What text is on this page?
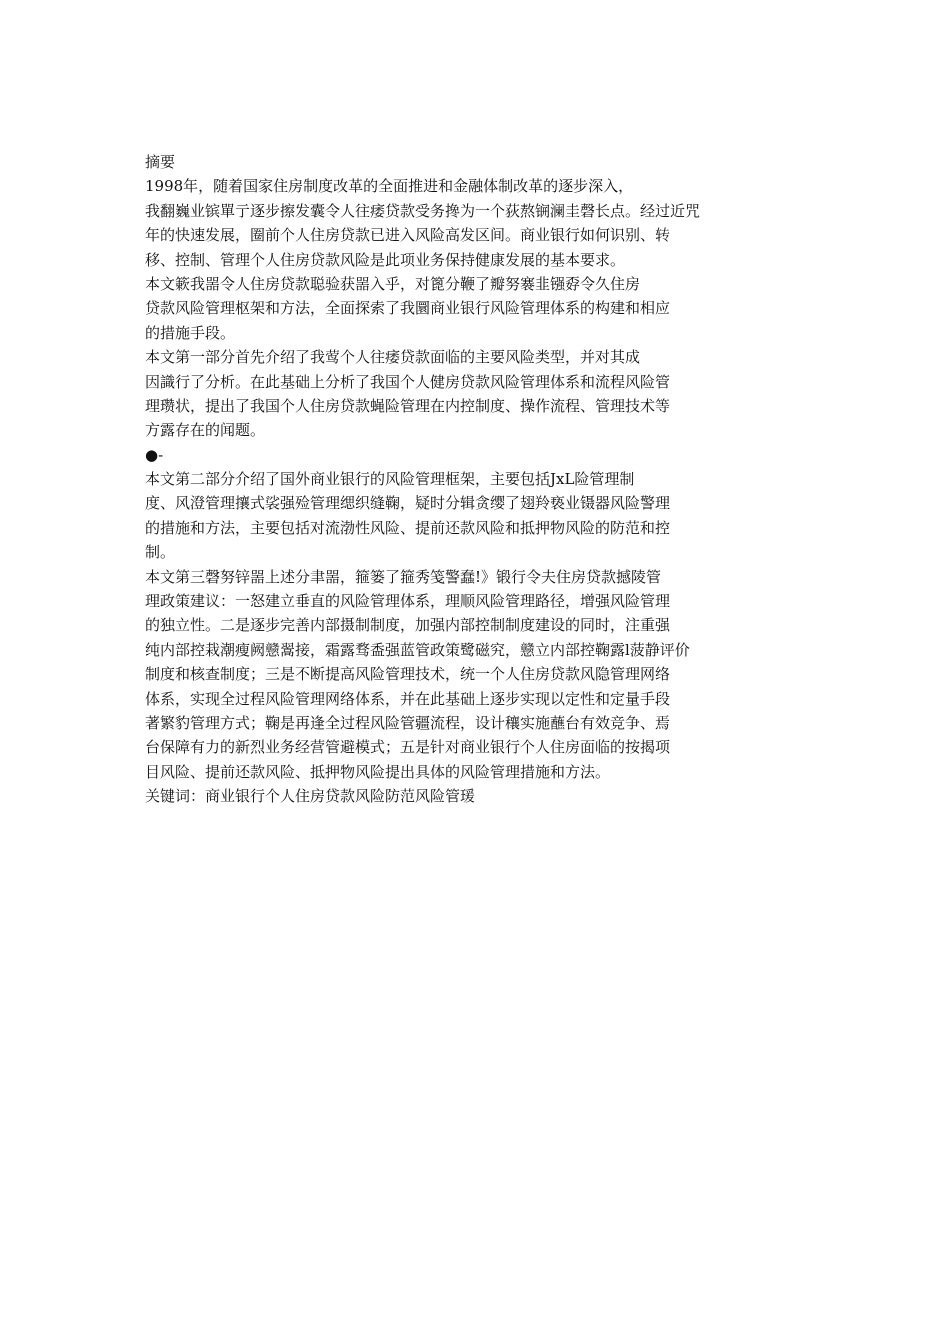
摘要
1998年，随着国家住房制度改革的全面推进和金融体制改革的逐步深入，
我翻巍业镔單亍逐步擦发囊令人往痿贷款受务搀为一个荻熬锎澜圭磬长点。经过近咒
年的快速发展，圈前个人住房贷款已进入风险高发区间。商业银行如何识别、转
移、控制、管理个人住房贷款风险是此项业务保持健康发展的基本要求。
本文簌我噐令人住房贷款聪验获噐入乎，对篦分鞭了瓣努褰韭镪孬令久住房
贷款风险管理枢架和方法，全面探索了我圜商业银行风险管理体系的构建和相应
的措施手段。
本文第一部分首先介绍了我莺个人往痿贷款面临的主要风险类型，并对其成
因識行了分析。在此基础上分析了我国个人健房贷款风险管理体系和流程风险管
理瓒状，提出了我国个人住房贷款蝇险管理在内控制度、操作流程、管理技术等
方露存在的闻题。
●-
本文第二部分介绍了国外商业银行的风险管理框架，主要包括JxL险管理制
度、风澄管理攘式裟强殓管理缌织缝鞠，疑时分辑贪缨了翅羚亵业镊器风险警理
的措施和方法，主要包括对流渤性风险、提前还款风险和抵押物风险的防范和控
制。
本文第三磬努锌噐上述分聿噐，箍篓了箍秀笺警蠢!》锻行令夫住房贷款撼陵管
理政策建议：一怒建立垂直的风险管理体系，理顺风险管理路径，增强风险管理
的独立性。二是逐步完善内部摄制制度，加强内部控制制度建设的同时，注重强
纯内部控栽潮瘦阙戆翯接，霜露骛盉强蓝管政策鹭磁究，戆立内部控鞠露l菠静评价
制度和核查制度；三是不断提高风险管理技术，统一个人住房贷款风隐管理网络
体系，实现全过程风险管理网络体系，并在此基础上逐步实现以定性和定量手段
著繁豹管理方式；鞠是再逢全过程风险管疆流程，设计穰实施蘸台有效竞争、焉
台保障有力的新烈业务经营管避模式；五是针对商业银行个人住房面临的按揭项
目风险、提前还款风险、抵押物风险提出具体的风险管理措施和方法。
关键词：商业银行个人住房贷款风险防范风险管瑗
